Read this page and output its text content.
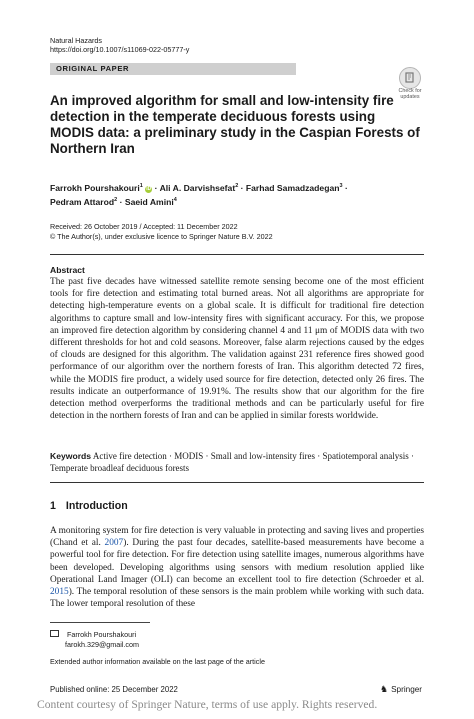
Natural Hazards
https://doi.org/10.1007/s11069-022-05777-y
ORIGINAL PAPER
Check for
updates
An improved algorithm for small and low-intensity fire detection in the temperate deciduous forests using MODIS data: a preliminary study in the Caspian Forests of Northern Iran
Farrokh Pourshakouri$^1$ iD · Ali A. Darvishsefat$^2$ · Farhad Samadzadegan$^3$ ·
Pedram Attarod$^2$ · Saeid Amini$^4$
Received: 26 October 2019 / Accepted: 11 December 2022
© The Author(s), under exclusive licence to Springer Nature B.V. 2022
Abstract
The past five decades have witnessed satellite remote sensing become one of the most efficient tools for fire detection and estimating total burned areas. Not all algorithms are appropriate for detecting high-temperature events on a global scale. It is difficult for traditional fire detection algorithms to capture small and low-intensity fires with significant accuracy. For this, we propose an improved fire detection algorithm by considering channel 4 and 11 μm of MODIS data with two different thresholds for hot and cold seasons. Moreover, false alarm rejections caused by the edges of clouds are designed for this algorithm. The validation against 231 reference fires showed good performance of our algorithm over the northern forests of Iran. This algorithm detected 72 fires, while the MODIS fire product, a widely used source for fire detection, detected only 26 fires. The results indicate an outperformance of 19.91%. The results show that our algorithm for the fire detection method overperforms the traditional methods and can be particularly useful for fire detection in the northern forests of Iran and can be applied in similar forests worldwide.
Keywords Active fire detection · MODIS · Small and low-intensity fires · Spatiotemporal analysis · Temperate broadleaf deciduous forests
1 Introduction
A monitoring system for fire detection is very valuable in protecting and saving lives and properties (Chand et al. 2007). During the past four decades, satellite-based measurements have become a powerful tool for fire detection. For fire detection using satellite images, numerous algorithms have been developed. Developing algorithms using sensors with medium resolution applied like Operational Land Imager (OLI) can become an excellent tool to fire detection (Schroeder et al. 2015). The temporal resolution of these sensors is the main problem while working with such data. The lower temporal resolution of these
Farrokh Pourshakouri
farokh.329@gmail.com
Extended author information available on the last page of the article
Published online: 25 December 2022	♞ Springer
Content courtesy of Springer Nature, terms of use apply. Rights reserved.
